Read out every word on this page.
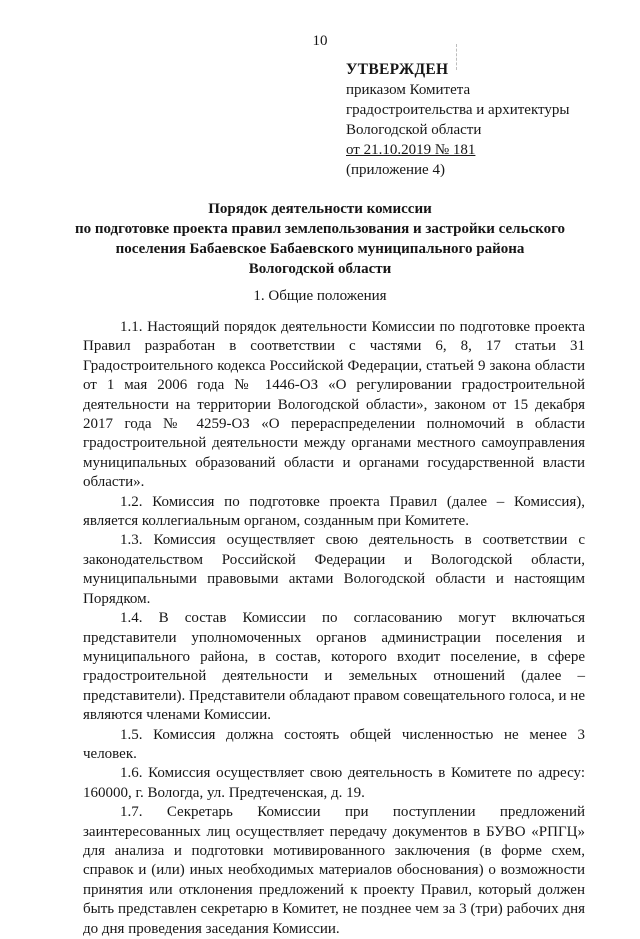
10
УТВЕРЖДЕН
приказом Комитета
градостроительства и архитектуры
Вологодской области
от 21.10.2019 № 181
(приложение 4)
Порядок деятельности комиссии
по подготовке проекта правил землепользования и застройки сельского
поселения Бабаевское Бабаевского муниципального района
Вологодской области
1. Общие положения

1.1. Настоящий порядок деятельности Комиссии по подготовке проекта Правил разработан в соответствии с частями 6, 8, 17 статьи 31 Градостроительного кодекса Российской Федерации, статьей 9 закона области от 1 мая 2006 года № 1446-ОЗ «О регулировании градостроительной деятельности на территории Вологодской области», законом от 15 декабря 2017 года № 4259-ОЗ «О перераспределении полномочий в области градостроительной деятельности между органами местного самоуправления муниципальных образований области и органами государственной власти области».

1.2. Комиссия по подготовке проекта Правил (далее – Комиссия), является коллегиальным органом, созданным при Комитете.

1.3. Комиссия осуществляет свою деятельность в соответствии с законодательством Российской Федерации и Вологодской области, муниципальными правовыми актами Вологодской области и настоящим Порядком.

1.4. В состав Комиссии по согласованию могут включаться представители уполномоченных органов администрации поселения и муниципального района, в состав, которого входит поселение, в сфере градостроительной деятельности и земельных отношений (далее – представители). Представители обладают правом совещательного голоса, и не являются членами Комиссии.

1.5. Комиссия должна состоять общей численностью не менее 3 человек.

1.6. Комиссия осуществляет свою деятельность в Комитете по адресу: 160000, г. Вологда, ул. Предтеченская, д. 19.

1.7. Секретарь Комиссии при поступлении предложений заинтересованных лиц осуществляет передачу документов в БУВО «РПГЦ» для анализа и подготовки мотивированного заключения (в форме схем, справок и (или) иных необходимых материалов обоснования) о возможности принятия или отклонения предложений к проекту Правил, который должен быть представлен секретарю в Комитет, не позднее чем за 3 (три) рабочих дня до дня проведения заседания Комиссии.
